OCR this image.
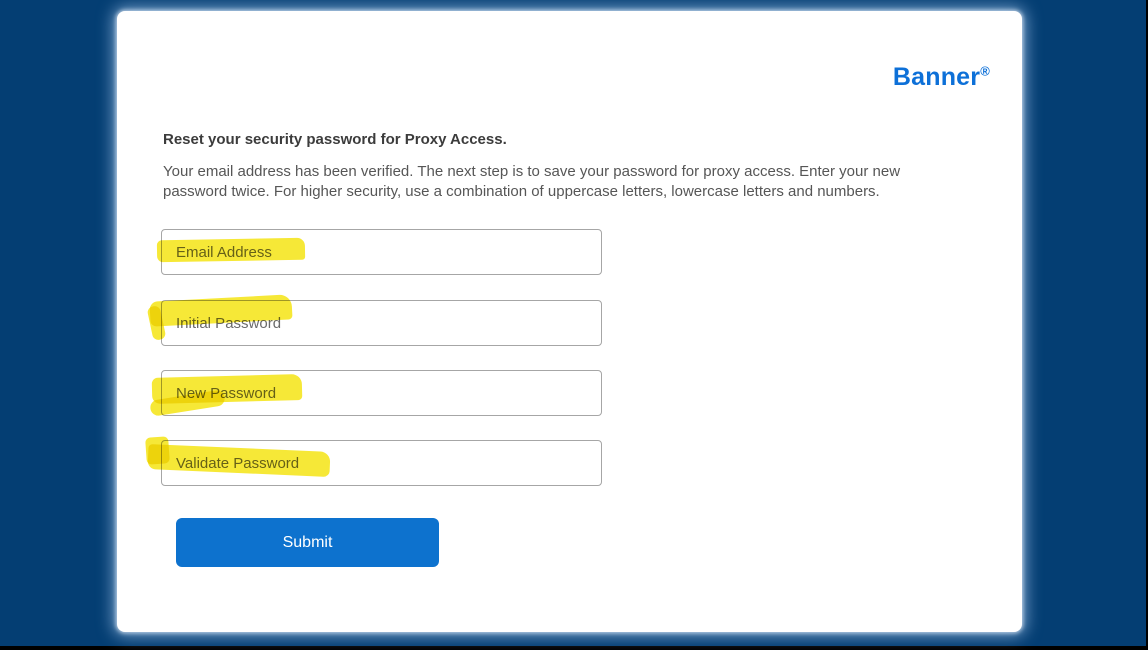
Banner®
Reset your security password for Proxy Access.
Your email address has been verified. The next step is to save your password for proxy access. Enter your new password twice. For higher security, use a combination of uppercase letters, lowercase letters and numbers.
Email Address
Initial Password
New Password
Validate Password
Submit
